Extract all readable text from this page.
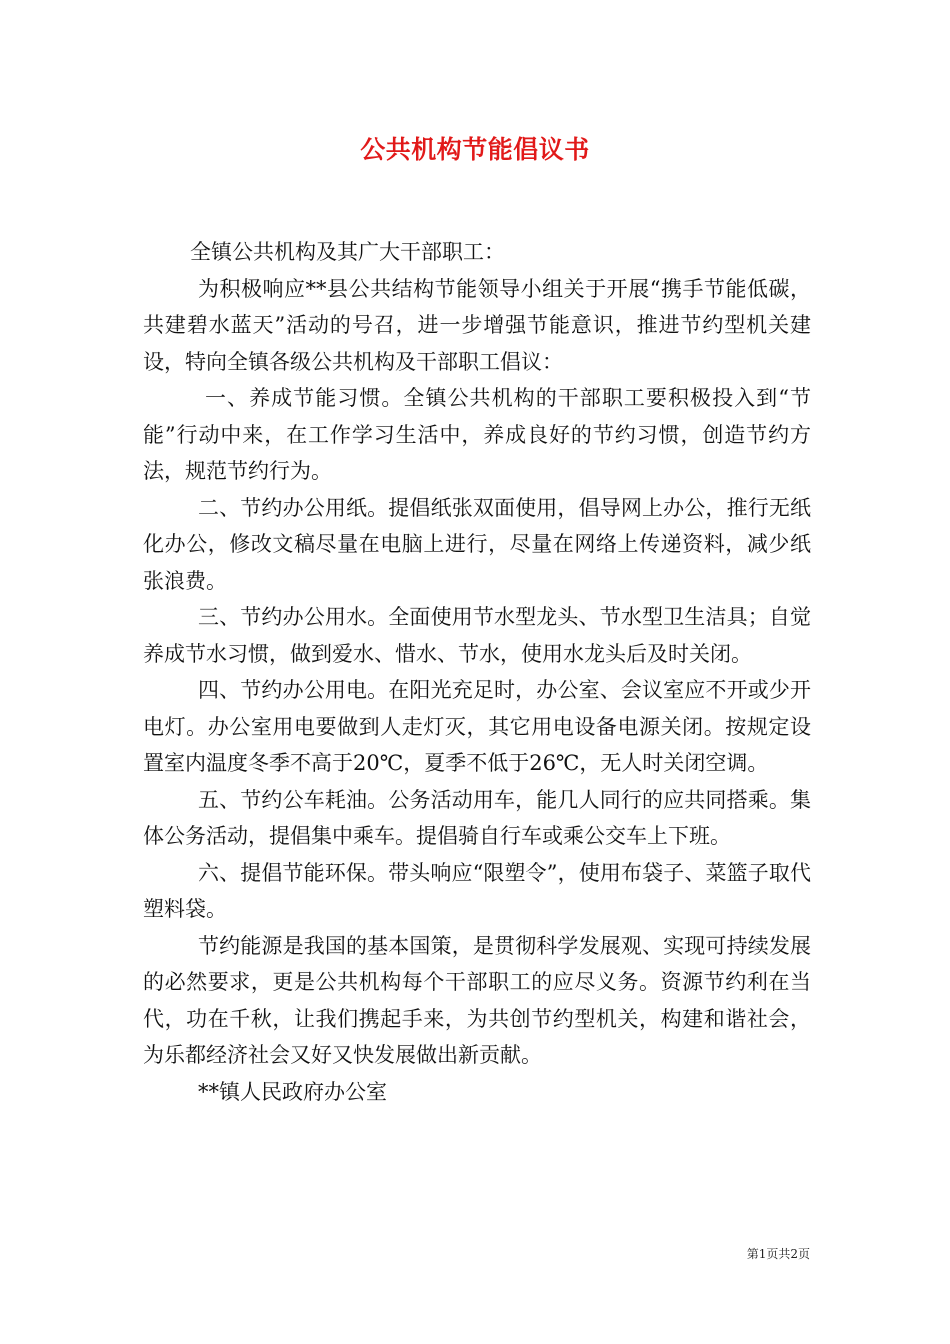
公共机构节能倡议书

全镇公共机构及其广大干部职工：

为积极响应**县公共结构节能领导小组关于开展“携手节能低碳，共建碧水蓝天”活动的号召，进一步增强节能意识，推进节约型机关建设，特向全镇各级公共机构及干部职工倡议：

一、养成节能习惯。全镇公共机构的干部职工要积极投入到“节能”行动中来，在工作学习生活中，养成良好的节约习惯，创造节约方法，规范节约行为。

二、节约办公用纸。提倡纸张双面使用，倡导网上办公，推行无纸化办公，修改文稿尽量在电脑上进行，尽量在网络上传递资料，减少纸张浪费。

三、节约办公用水。全面使用节水型龙头、节水型卫生洁具；自觉养成节水习惯，做到爱水、惜水、节水，使用水龙头后及时关闭。

四、节约办公用电。在阳光充足时，办公室、会议室应不开或少开电灯。办公室用电要做到人走灯灭，其它用电设备电源关闭。按规定设置室内温度冬季不高于20℃，夏季不低于26℃，无人时关闭空调。

五、节约公车耗油。公务活动用车，能几人同行的应共同搭乘。集体公务活动，提倡集中乘车。提倡骑自行车或乘公交车上下班。

六、提倡节能环保。带头响应“限塑令”，使用布袋子、菜篮子取代塑料袋。

节约能源是我国的基本国策，是贯彻科学发展观、实现可持续发展的必然要求，更是公共机构每个干部职工的应尽义务。资源节约利在当代，功在千秋，让我们携起手来，为共创节约型机关，构建和谐社会，为乐都经济社会又好又快发展做出新贡献。

**镇人民政府办公室

第1页共2页
